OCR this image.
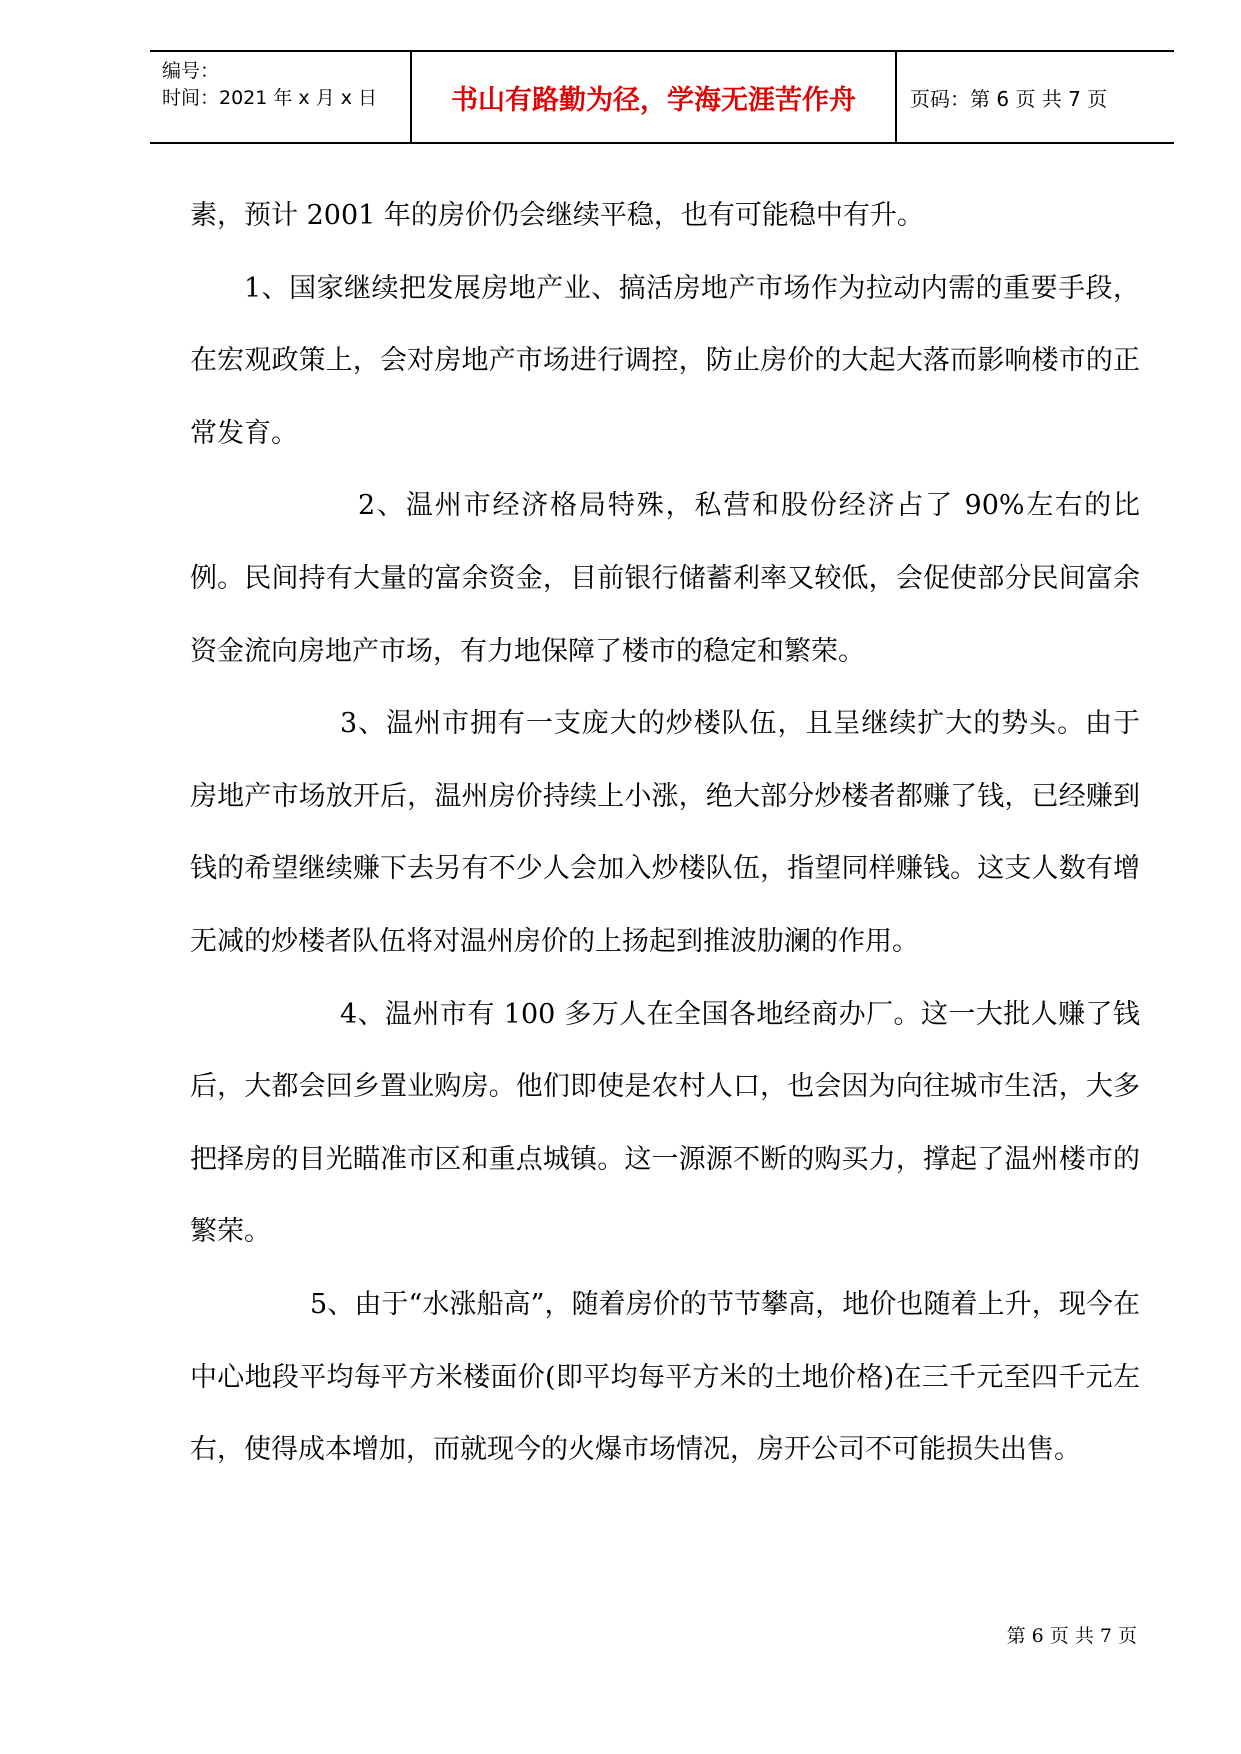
编号：
时间：2021 年 x 月 x 日	书山有路勤为径，学海无涯苦作舟	页码：第 6 页 共 7 页

素，预计 2001 年的房价仍会继续平稳，也有可能稳中有升。

1、国家继续把发展房地产业、搞活房地产市场作为拉动内需的重要手段，在宏观政策上，会对房地产市场进行调控，防止房价的大起大落而影响楼市的正常发育。

2、温州市经济格局特殊，私营和股份经济占了 90%左右的比例。民间持有大量的富余资金，目前银行储蓄利率又较低，会促使部分民间富余资金流向房地产市场，有力地保障了楼市的稳定和繁荣。

3、温州市拥有一支庞大的炒楼队伍，且呈继续扩大的势头。由于房地产市场放开后，温州房价持续上小涨，绝大部分炒楼者都赚了钱，已经赚到钱的希望继续赚下去另有不少人会加入炒楼队伍，指望同样赚钱。这支人数有增无减的炒楼者队伍将对温州房价的上扬起到推波肋澜的作用。

4、温州市有 100 多万人在全国各地经商办厂。这一大批人赚了钱后，大都会回乡置业购房。他们即使是农村人口，也会因为向往城市生活，大多把择房的目光瞄准市区和重点城镇。这一源源不断的购买力，撑起了温州楼市的繁荣。

5、由于“水涨船高”，随着房价的节节攀高，地价也随着上升，现今在中心地段平均每平方米楼面价(即平均每平方米的土地价格)在三千元至四千元左右，使得成本增加，而就现今的火爆市场情况，房开公司不可能损失出售。

第 6 页 共 7 页
